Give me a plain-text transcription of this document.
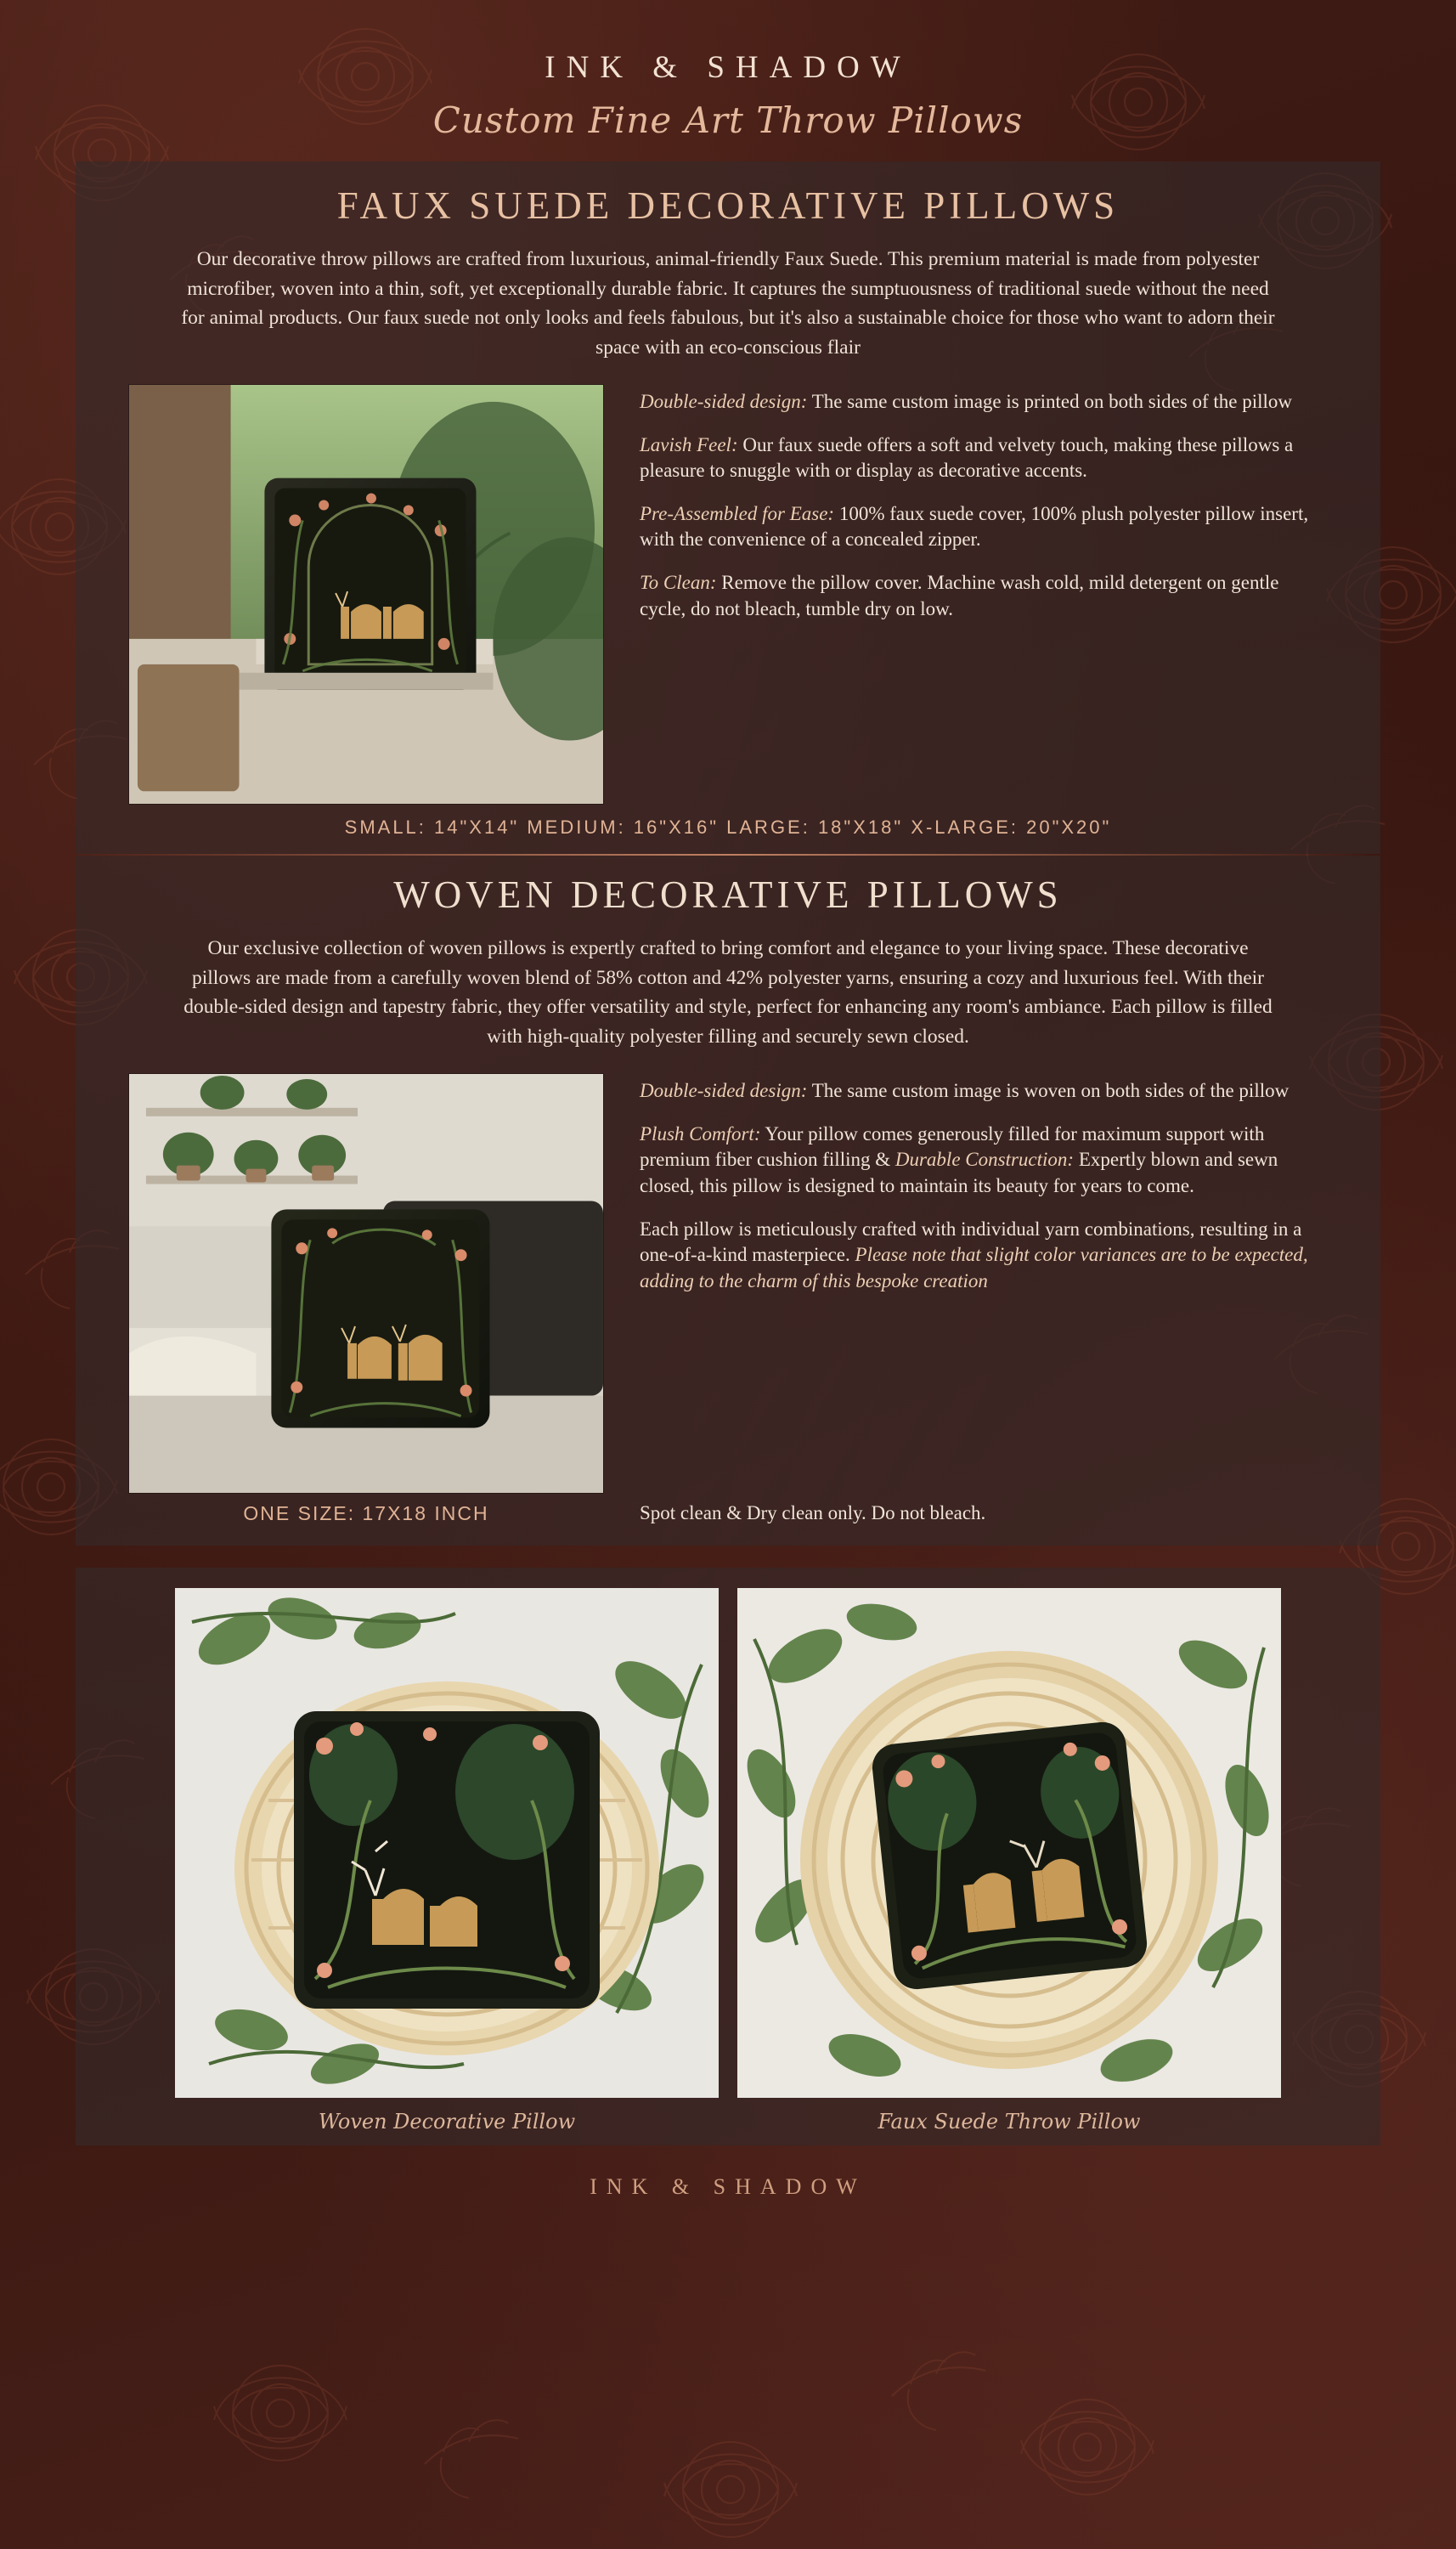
INK & SHADOW
Custom Fine Art Throw Pillows
FAUX SUEDE DECORATIVE PILLOWS
Our decorative throw pillows are crafted from luxurious, animal-friendly Faux Suede. This premium material is made from polyester microfiber, woven into a thin, soft, yet exceptionally durable fabric. It captures the sumptuousness of traditional suede without the need for animal products. Our faux suede not only looks and feels fabulous, but it's also a sustainable choice for those who want to adorn their space with an eco-conscious flair
Double-sided design: The same custom image is printed on both sides of the pillow
Lavish Feel: Our faux suede offers a soft and velvety touch, making these pillows a pleasure to snuggle with or display as decorative accents.
Pre-Assembled for Ease: 100% faux suede cover, 100% plush polyester pillow insert, with the convenience of a concealed zipper.
To Clean: Remove the pillow cover. Machine wash cold, mild detergent on gentle cycle, do not bleach, tumble dry on low.
SMALL: 14"X14" MEDIUM: 16"X16" LARGE: 18"X18" X-LARGE: 20"X20"
WOVEN DECORATIVE PILLOWS
Our exclusive collection of woven pillows is expertly crafted to bring comfort and elegance to your living space. These decorative pillows are made from a carefully woven blend of 58% cotton and 42% polyester yarns, ensuring a cozy and luxurious feel. With their double-sided design and tapestry fabric, they offer versatility and style, perfect for enhancing any room's ambiance. Each pillow is filled with high-quality polyester filling and securely sewn closed.
Double-sided design: The same custom image is woven on both sides of the pillow
Plush Comfort: Your pillow comes generously filled for maximum support with premium fiber cushion filling & Durable Construction: Expertly blown and sewn closed, this pillow is designed to maintain its beauty for years to come.
Each pillow is meticulously crafted with individual yarn combinations, resulting in a one-of-a-kind masterpiece. Please note that slight color variances are to be expected, adding to the charm of this bespoke creation
ONE SIZE: 17X18 INCH	Spot clean & Dry clean only. Do not bleach.
Woven Decorative Pillow	Faux Suede Throw Pillow
INK & SHADOW
